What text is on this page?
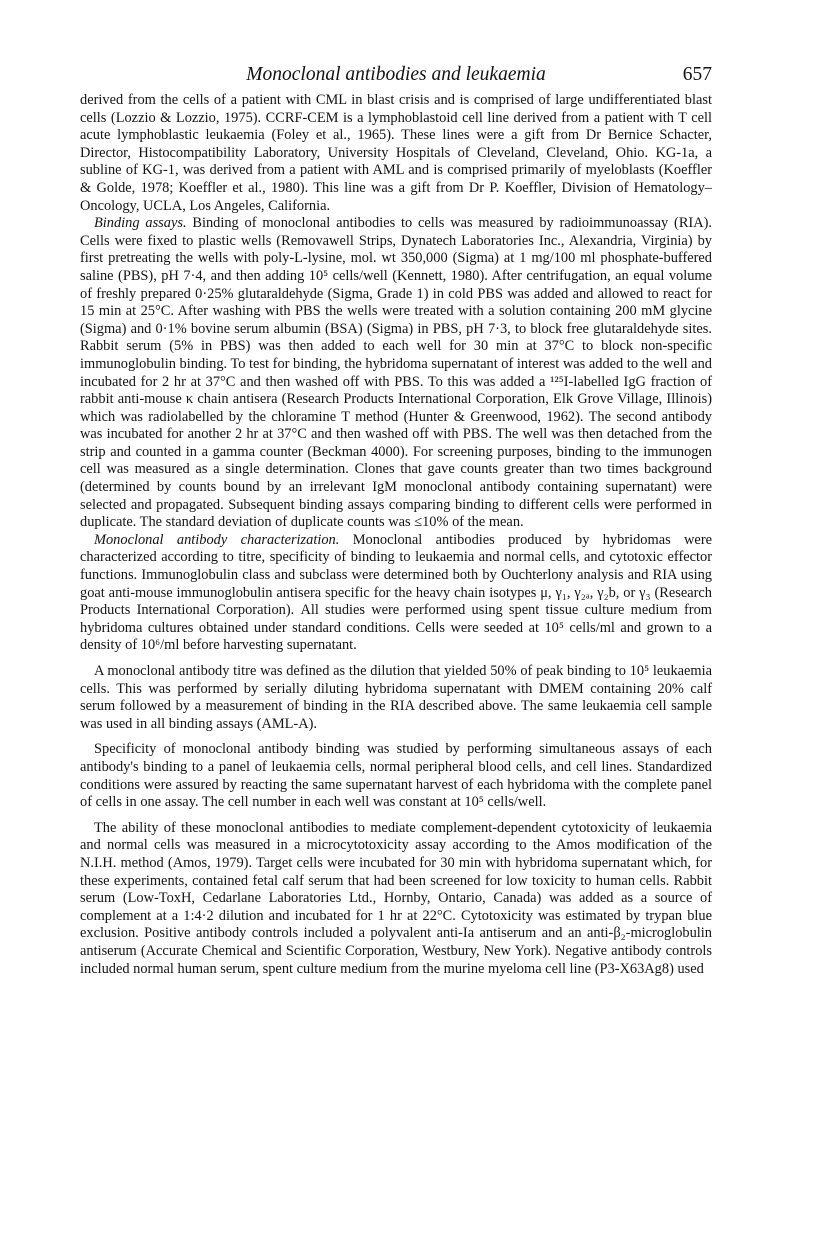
Monoclonal antibodies and leukaemia	657

derived from the cells of a patient with CML in blast crisis and is comprised of large undifferentiated blast cells (Lozzio & Lozzio, 1975). CCRF-CEM is a lymphoblastoid cell line derived from a patient with T cell acute lymphoblastic leukaemia (Foley et al., 1965). These lines were a gift from Dr Bernice Schacter, Director, Histocompatibility Laboratory, University Hospitals of Cleveland, Cleveland, Ohio. KG-1a, a subline of KG-1, was derived from a patient with AML and is comprised primarily of myeloblasts (Koeffler & Golde, 1978; Koeffler et al., 1980). This line was a gift from Dr P. Koeffler, Division of Hematology–Oncology, UCLA, Los Angeles, California.

Binding assays. Binding of monoclonal antibodies to cells was measured by radioimmunoassay (RIA). Cells were fixed to plastic wells (Removawell Strips, Dynatech Laboratories Inc., Alexandria, Virginia) by first pretreating the wells with poly-L-lysine, mol. wt 350,000 (Sigma) at 1 mg/100 ml phosphate-buffered saline (PBS), pH 7·4, and then adding 10⁵ cells/well (Kennett, 1980). After centrifugation, an equal volume of freshly prepared 0·25% glutaraldehyde (Sigma, Grade 1) in cold PBS was added and allowed to react for 15 min at 25°C. After washing with PBS the wells were treated with a solution containing 200 mM glycine (Sigma) and 0·1% bovine serum albumin (BSA) (Sigma) in PBS, pH 7·3, to block free glutaraldehyde sites. Rabbit serum (5% in PBS) was then added to each well for 30 min at 37°C to block non-specific immunoglobulin binding. To test for binding, the hybridoma supernatant of interest was added to the well and incubated for 2 hr at 37°C and then washed off with PBS. To this was added a ¹²⁵I-labelled IgG fraction of rabbit anti-mouse κ chain antisera (Research Products International Corporation, Elk Grove Village, Illinois) which was radiolabelled by the chloramine T method (Hunter & Greenwood, 1962). The second antibody was incubated for another 2 hr at 37°C and then washed off with PBS. The well was then detached from the strip and counted in a gamma counter (Beckman 4000). For screening purposes, binding to the immunogen cell was measured as a single determination. Clones that gave counts greater than two times background (determined by counts bound by an irrelevant IgM monoclonal antibody containing supernatant) were selected and propagated. Subsequent binding assays comparing binding to different cells were performed in duplicate. The standard deviation of duplicate counts was ≤10% of the mean.

Monoclonal antibody characterization. Monoclonal antibodies produced by hybridomas were characterized according to titre, specificity of binding to leukaemia and normal cells, and cytotoxic effector functions. Immunoglobulin class and subclass were determined both by Ouchterlony analysis and RIA using goat anti-mouse immunoglobulin antisera specific for the heavy chain isotypes μ, γ₁, γ₂ₐ, γ₂b, or γ₃ (Research Products International Corporation). All studies were performed using spent tissue culture medium from hybridoma cultures obtained under standard conditions. Cells were seeded at 10⁵ cells/ml and grown to a density of 10⁶/ml before harvesting supernatant.

A monoclonal antibody titre was defined as the dilution that yielded 50% of peak binding to 10⁵ leukaemia cells. This was performed by serially diluting hybridoma supernatant with DMEM containing 20% calf serum followed by a measurement of binding in the RIA described above. The same leukaemia cell sample was used in all binding assays (AML-A).

Specificity of monoclonal antibody binding was studied by performing simultaneous assays of each antibody's binding to a panel of leukaemia cells, normal peripheral blood cells, and cell lines. Standardized conditions were assured by reacting the same supernatant harvest of each hybridoma with the complete panel of cells in one assay. The cell number in each well was constant at 10⁵ cells/well.

The ability of these monoclonal antibodies to mediate complement-dependent cytotoxicity of leukaemia and normal cells was measured in a microcytotoxicity assay according to the Amos modification of the N.I.H. method (Amos, 1979). Target cells were incubated for 30 min with hybridoma supernatant which, for these experiments, contained fetal calf serum that had been screened for low toxicity to human cells. Rabbit serum (Low-ToxH, Cedarlane Laboratories Ltd., Hornby, Ontario, Canada) was added as a source of complement at a 1:4·2 dilution and incubated for 1 hr at 22°C. Cytotoxicity was estimated by trypan blue exclusion. Positive antibody controls included a polyvalent anti-Ia antiserum and an anti-β₂-microglobulin antiserum (Accurate Chemical and Scientific Corporation, Westbury, New York). Negative antibody controls included normal human serum, spent culture medium from the murine myeloma cell line (P3-X63Ag8) used
